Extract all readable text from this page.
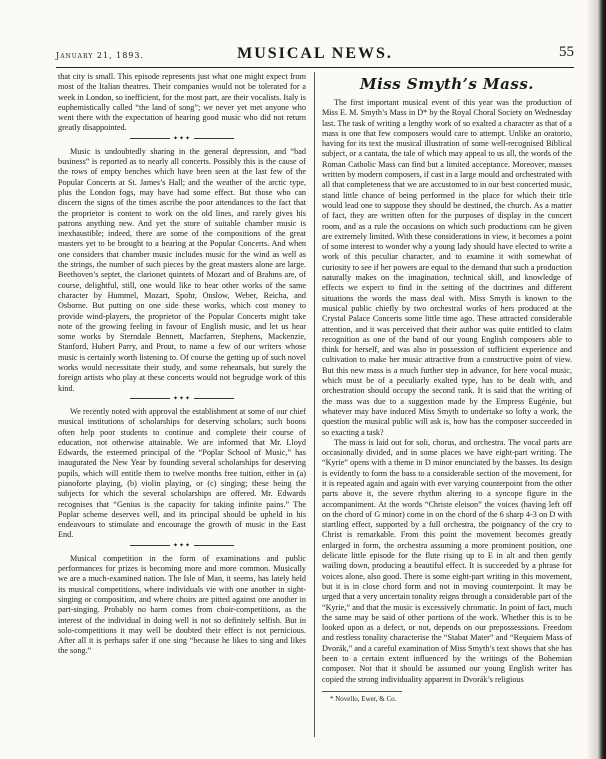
January 21, 1893.	MUSICAL NEWS.	55

that city is small. This episode represents just what one might expect from most of the Italian theatres. Their companies would not be tolerated for a week in London, so inefficient, for the most part, are their vocalists. Italy is euphemistically called “the land of song”; we never yet met anyone who went there with the expectation of hearing good music who did not return greatly disappointed.

✦✦✦

Music is undoubtedly sharing in the general depression, and “bad business” is reported as to nearly all concerts. Possibly this is the cause of the rows of empty benches which have been seen at the last few of the Popular Concerts at St. James’s Hall; and the weather of the arctic type, plus the London fogs, may have had some effect. But those who can discern the signs of the times ascribe the poor attendances to the fact that the proprietor is content to work on the old lines, and rarely gives his patrons anything new. And yet the store of suitable chamber music is inexhaustible; indeed, there are some of the compositions of the great masters yet to be brought to a hearing at the Popular Concerts. And when one considers that chamber music includes music for the wind as well as the strings, the number of such pieces by the great masters alone are large. Beethoven’s septet, the clarionet quintets of Mozart and of Brahms are, of course, delightful, still, one would like to hear other works of the same character by Hummel, Mozart, Spohr, Onslow, Weber, Reicha, and Osborne. But putting on one side these works, which cost money to provide wind-players, the proprietor of the Popular Concerts might take note of the growing feeling in favour of English music, and let us hear some works by Sterndale Bennett, Macfarren, Stephens, Mackenzie, Stanford, Hubert Parry, and Prout, to name a few of our writers whose music is certainly worth listening to. Of course the getting up of such novel works would necessitate their study, and some rehearsals, but surely the foreign artists who play at these concerts would not begrudge work of this kind.

✦✦✦

We recently noted with approval the establishment at some of our chief musical institutions of scholarships for deserving scholars; such boons often help poor students to continue and complete their course of education, not otherwise attainable. We are informed that Mr. Lloyd Edwards, the esteemed principal of the “Poplar School of Music,” has inaugurated the New Year by founding several scholarships for deserving pupils, which will entitle them to twelve months free tuition, either in (a) pianoforte playing, (b) violin playing, or (c) singing; these being the subjects for which the several scholarships are offered. Mr. Edwards recognises that “Genius is the capacity for taking infinite pains.” The Poplar scheme deserves well, and its principal should be upheld in his endeavours to stimulate and encourage the growth of music in the East End.

✦✦✦

Musical competition in the form of examinations and public performances for prizes is becoming more and more common. Musically we are a much-examined nation. The Isle of Man, it seems, has lately held its musical competitions, where individuals vie with one another in sight-singing or composition, and where choirs are pitted against one another in part-singing. Probably no harm comes from choir-competitions, as the interest of the individual in doing well is not so definitely selfish. But in solo-competitions it may well be doubted their effect is not pernicious. After all it is perhaps safer if one sing “because he likes to sing and likes the song.”

Miss Smyth’s Mass.

The first important musical event of this year was the production of Miss E. M. Smyth’s Mass in D* by the Royal Choral Society on Wednesday last. The task of writing a lengthy work of so exalted a character as that of a mass is one that few composers would care to attempt. Unlike an oratorio, having for its text the musical illustration of some well-recognised Biblical subject, or a cantata, the tale of which may appeal to us all, the words of the Roman Catholic Mass can find but a limited acceptance. Moreover, masses written by modern composers, if cast in a large mould and orchestrated with all that completeness that we are accustomed to in our best concerted music, stand little chance of being performed in the place for which their title would lead one to suppose they should be destined, the church. As a matter of fact, they are written often for the purposes of display in the concert room, and as a rule the occasions on which such productions can be given are extremely limited. With these considerations in view, it becomes a point of some interest to wonder why a young lady should have elected to write a work of this peculiar character, and to examine it with somewhat of curiosity to see if her powers are equal to the demand that such a production naturally makes on the imagination, technical skill, and knowledge of effects we expect to find in the setting of the doctrines and different situations the words the mass deal with. Miss Smyth is known to the musical public chiefly by two orchestral works of hers produced at the Crystal Palace Concerts some little time ago. These attracted considerable attention, and it was perceived that their author was quite entitled to claim recognition as one of the band of our young English composers able to think for herself, and was also in possession of sufficient experience and cultivation to make her music attractive from a constructive point of view. But this new mass is a much further step in advance, for here vocal music, which must be of a peculiarly exalted type, has to be dealt with, and orchestration should occupy the second rank. It is said that the writing of the mass was due to a suggestion made by the Empress Eugénie, but whatever may have induced Miss Smyth to undertake so lofty a work, the question the musical public will ask is, how has the composer succeeded in so exacting a task?

The mass is laid out for soli, chorus, and orchestra. The vocal parts are occasionally divided, and in some places we have eight-part writing. The “Kyrie” opens with a theme in D minor enunciated by the basses. Its design is evidently to form the bass to a considerable section of the movement, for it is repeated again and again with ever varying counterpoint from the other parts above it, the severe rhythm altering to a syncope figure in the accompaniment. At the words “Christe eleison” the voices (having left off on the chord of G minor) come in on the chord of the 6 sharp 4-3 on D with startling effect, supported by a full orchestra, the poignancy of the cry to Christ is remarkable. From this point the movement becomes greatly enlarged in form, the orchestra assuming a more prominent position, one delicate little episode for the flute rising up to E in alt and then gently wailing down, producing a beautiful effect. It is succeeded by a phrase for voices alone, also good. There is some eight-part writing in this movement, but it is in close chord form and not in moving counterpoint. It may be urged that a very uncertain tonality reigns through a considerable part of the “Kyrie,” and that the music is excessively chromatic. In point of fact, much the same may be said of other portions of the work. Whether this is to be looked upon as a defect, or not, depends on our prepossessions. Freedom and restless tonality characterise the “Stabat Mater” and “Requiem Mass of Dvorák,” and a careful examination of Miss Smyth’s text shows that she has been to a certain extent influenced by the writings of the Bohemian composer. Not that it should be assumed our young English writer has copied the strong individuality apparent in Dvorák’s religious

* Novello, Ewer, & Co.
